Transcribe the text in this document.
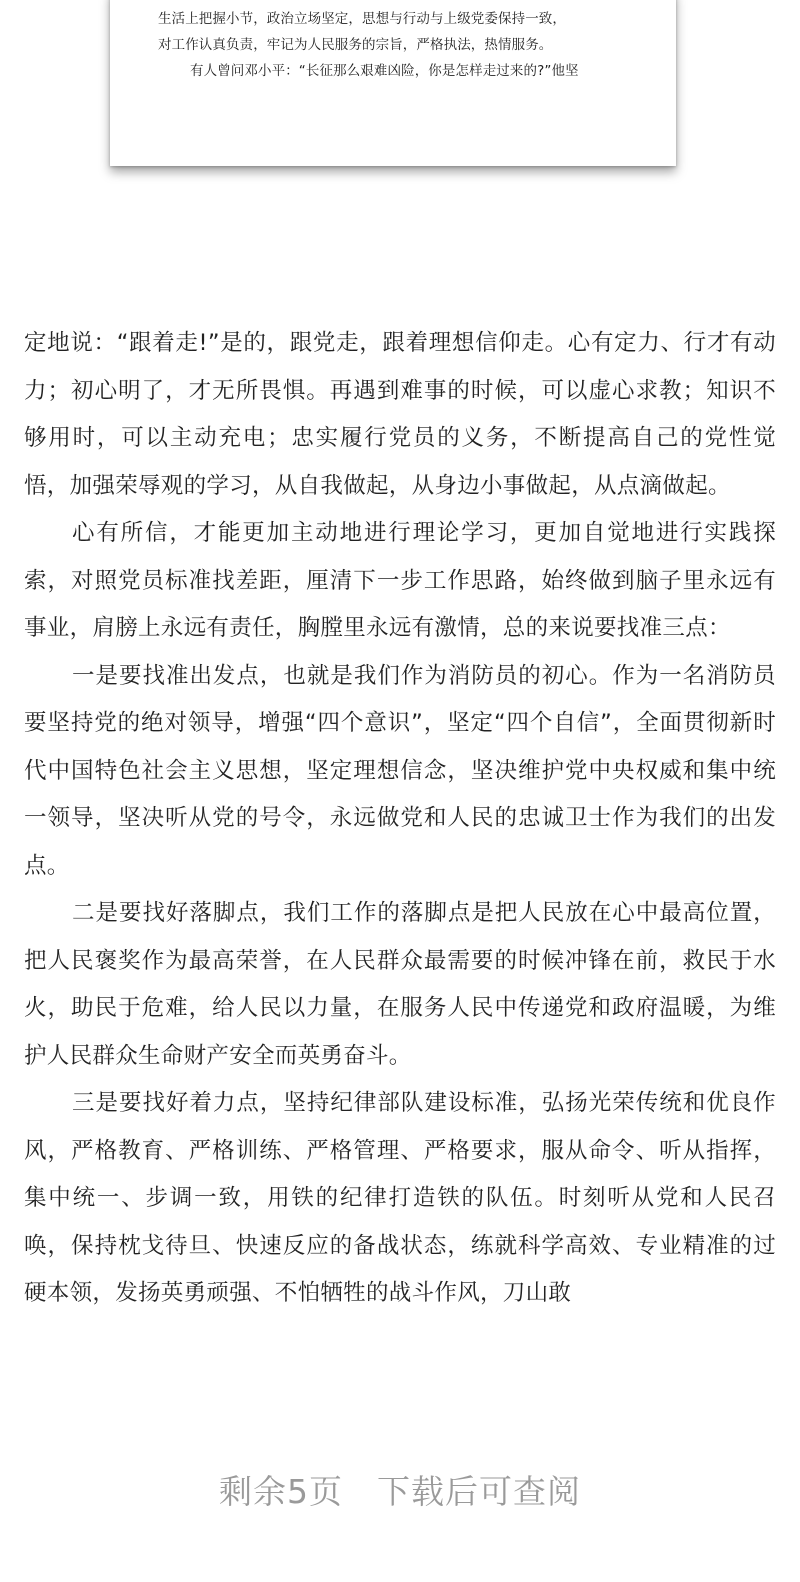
生活上把握小节，政治立场坚定，思想与行动与上级党委保持一致，
对工作认真负责，牢记为人民服务的宗旨，严格执法，热情服务。
有人曾问邓小平：“长征那么艰难凶险，你是怎样走过来的?”他坚

定地说：“跟着走!”是的，跟党走，跟着理想信仰走。心有定力、行才有动力；初心明了，才无所畏惧。再遇到难事的时候，可以虚心求教；知识不够用时，可以主动充电；忠实履行党员的义务，不断提高自己的党性觉悟，加强荣辱观的学习，从自我做起，从身边小事做起，从点滴做起。

心有所信，才能更加主动地进行理论学习，更加自觉地进行实践探索，对照党员标准找差距，厘清下一步工作思路，始终做到脑子里永远有事业，肩膀上永远有责任，胸膛里永远有激情，总的来说要找准三点：

一是要找准出发点，也就是我们作为消防员的初心。作为一名消防员要坚持党的绝对领导，增强“四个意识”，坚定“四个自信”，全面贯彻新时代中国特色社会主义思想，坚定理想信念，坚决维护党中央权威和集中统一领导，坚决听从党的号令，永远做党和人民的忠诚卫士作为我们的出发点。

二是要找好落脚点，我们工作的落脚点是把人民放在心中最高位置，把人民褒奖作为最高荣誉，在人民群众最需要的时候冲锋在前，救民于水火，助民于危难，给人民以力量，在服务人民中传递党和政府温暖，为维护人民群众生命财产安全而英勇奋斗。

三是要找好着力点，坚持纪律部队建设标准，弘扬光荣传统和优良作风，严格教育、严格训练、严格管理、严格要求，服从命令、听从指挥，集中统一、步调一致，用铁的纪律打造铁的队伍。时刻听从党和人民召唤，保持枕戈待旦、快速反应的备战状态，练就科学高效、专业精准的过硬本领，发扬英勇顽强、不怕牺牲的战斗作风，刀山敢

剩余5页 下载后可查阅
